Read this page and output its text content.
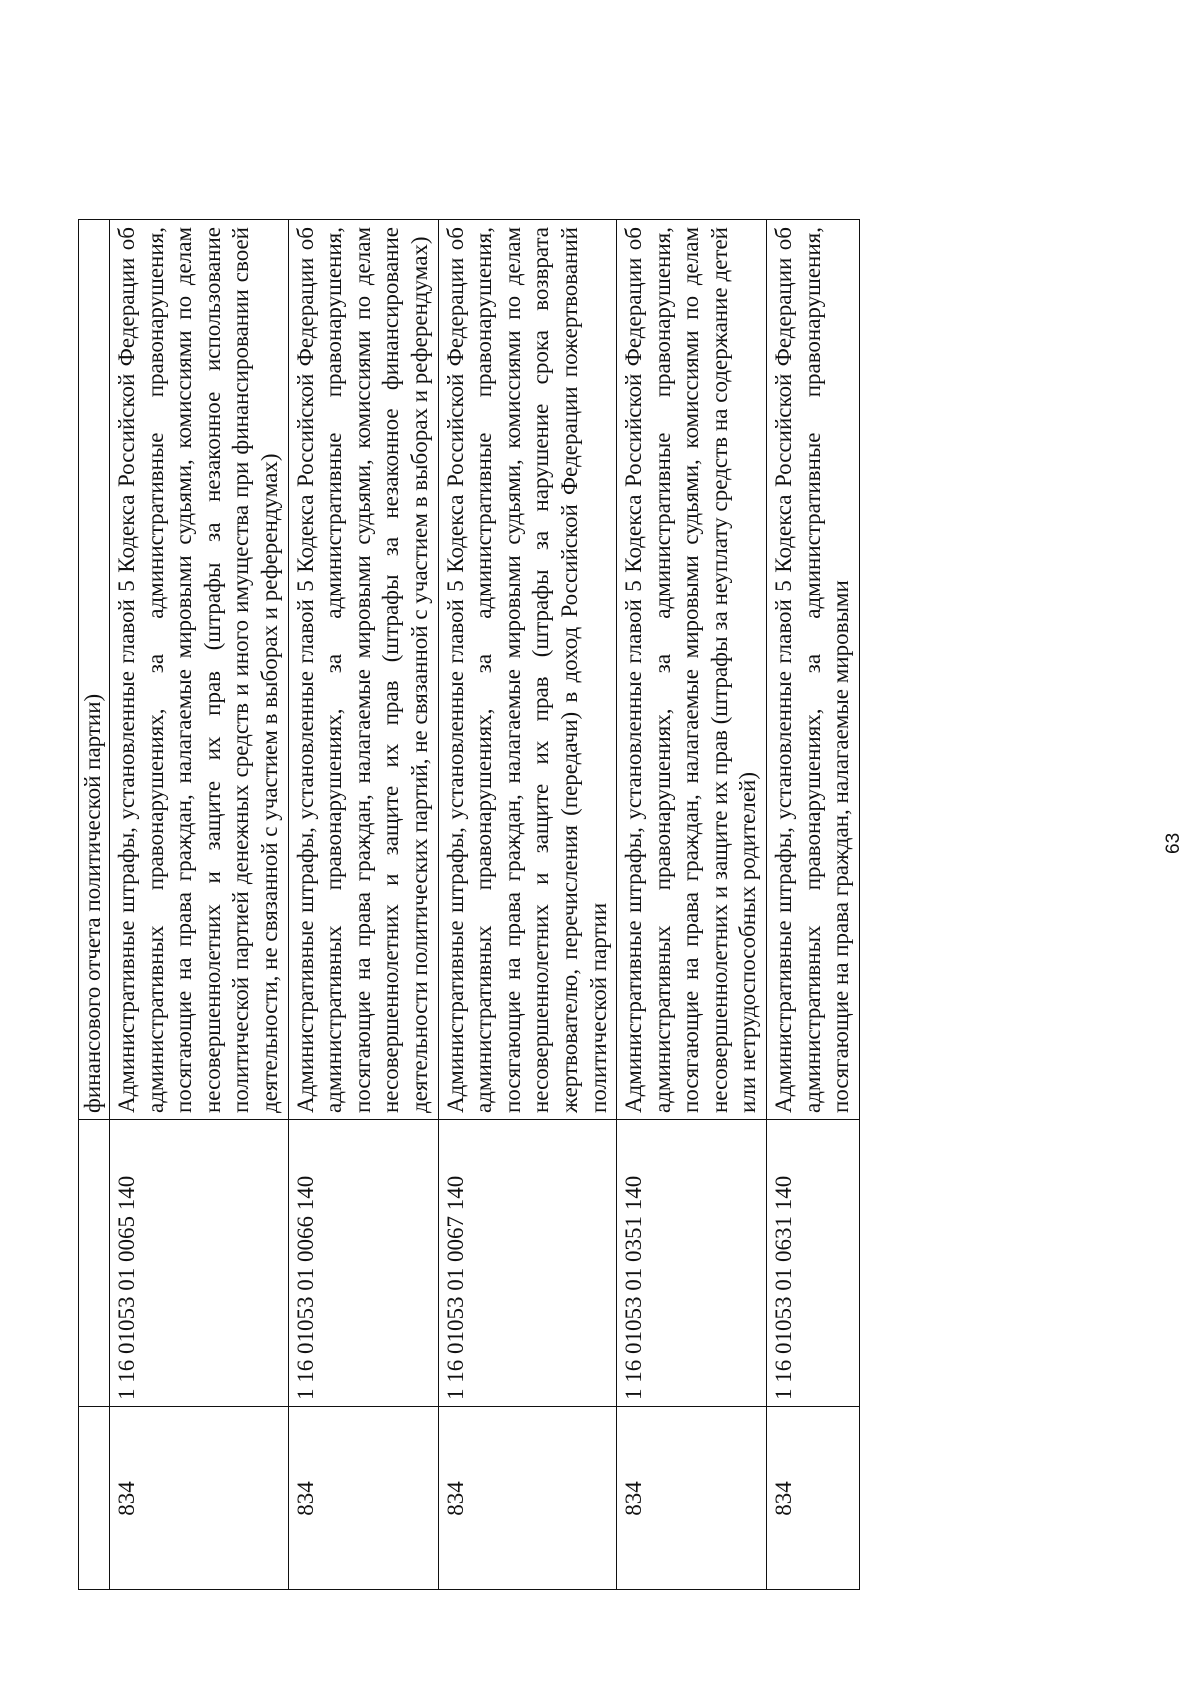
		финансового отчета политической партии)
834	1 16 01053 01 0065 140	Административные штрафы, установленные главой 5 Кодекса Российской Федерации об административных правонарушениях, за административные правонарушения, посягающие на права граждан, налагаемые мировыми судьями, комиссиями по делам несовершеннолетних и защите их прав (штрафы за незаконное использование политической партией денежных средств и иного имущества при финансировании своей деятельности, не связанной с участием в выборах и референдумах)
834	1 16 01053 01 0066 140	Административные штрафы, установленные главой 5 Кодекса Российской Федерации об административных правонарушениях, за административные правонарушения, посягающие на права граждан, налагаемые мировыми судьями, комиссиями по делам несовершеннолетних и защите их прав (штрафы за незаконное финансирование деятельности политических партий, не связанной с участием в выборах и референдумах)
834	1 16 01053 01 0067 140	Административные штрафы, установленные главой 5 Кодекса Российской Федерации об административных правонарушениях, за административные правонарушения, посягающие на права граждан, налагаемые мировыми судьями, комиссиями по делам несовершеннолетних и защите их прав (штрафы за нарушение срока возврата жертвователю, перечисления (передачи) в доход Российской Федерации пожертвований политической партии
834	1 16 01053 01 0351 140	Административные штрафы, установленные главой 5 Кодекса Российской Федерации об административных правонарушениях, за административные правонарушения, посягающие на права граждан, налагаемые мировыми судьями, комиссиями по делам несовершеннолетних и защите их прав (штрафы за неуплату средств на содержание детей или нетрудоспособных родителей)
834	1 16 01053 01 0631 140	Административные штрафы, установленные главой 5 Кодекса Российской Федерации об административных правонарушениях, за административные правонарушения, посягающие на права граждан, налагаемые мировыми	63
